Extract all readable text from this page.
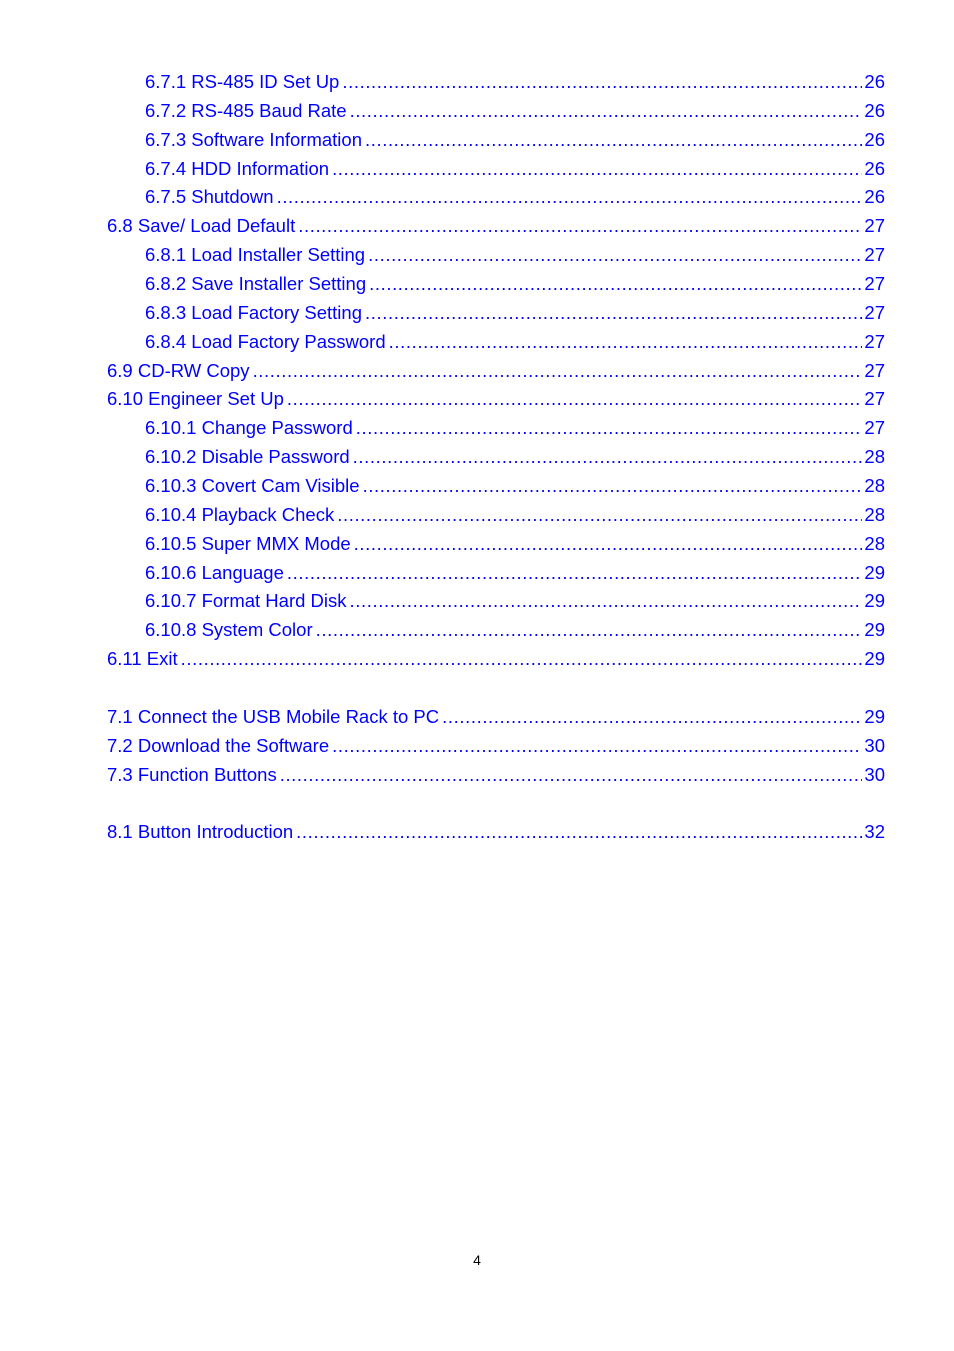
6.7.1 RS-485 ID Set Up .....	26
6.7.2 RS-485 Baud Rate .....	26
6.7.3 Software Information .....	26
6.7.4 HDD Information .....	26
6.7.5 Shutdown .....	26
6.8 Save/ Load Default .....	27
6.8.1 Load Installer Setting .....	27
6.8.2 Save Installer Setting .....	27
6.8.3 Load Factory Setting .....	27
6.8.4 Load Factory Password .....	27
6.9 CD-RW Copy .....	27
6.10 Engineer Set Up .....	27
6.10.1 Change Password .....	27
6.10.2 Disable Password .....	28
6.10.3 Covert Cam Visible .....	28
6.10.4 Playback Check .....	28
6.10.5 Super MMX Mode .....	28
6.10.6 Language .....	29
6.10.7 Format Hard Disk .....	29
6.10.8 System Color .....	29
6.11 Exit .....	29
7.1 Connect the USB Mobile Rack to PC .....	29
7.2 Download the Software .....	30
7.3 Function Buttons .....	30
8.1 Button Introduction .....	32
4
